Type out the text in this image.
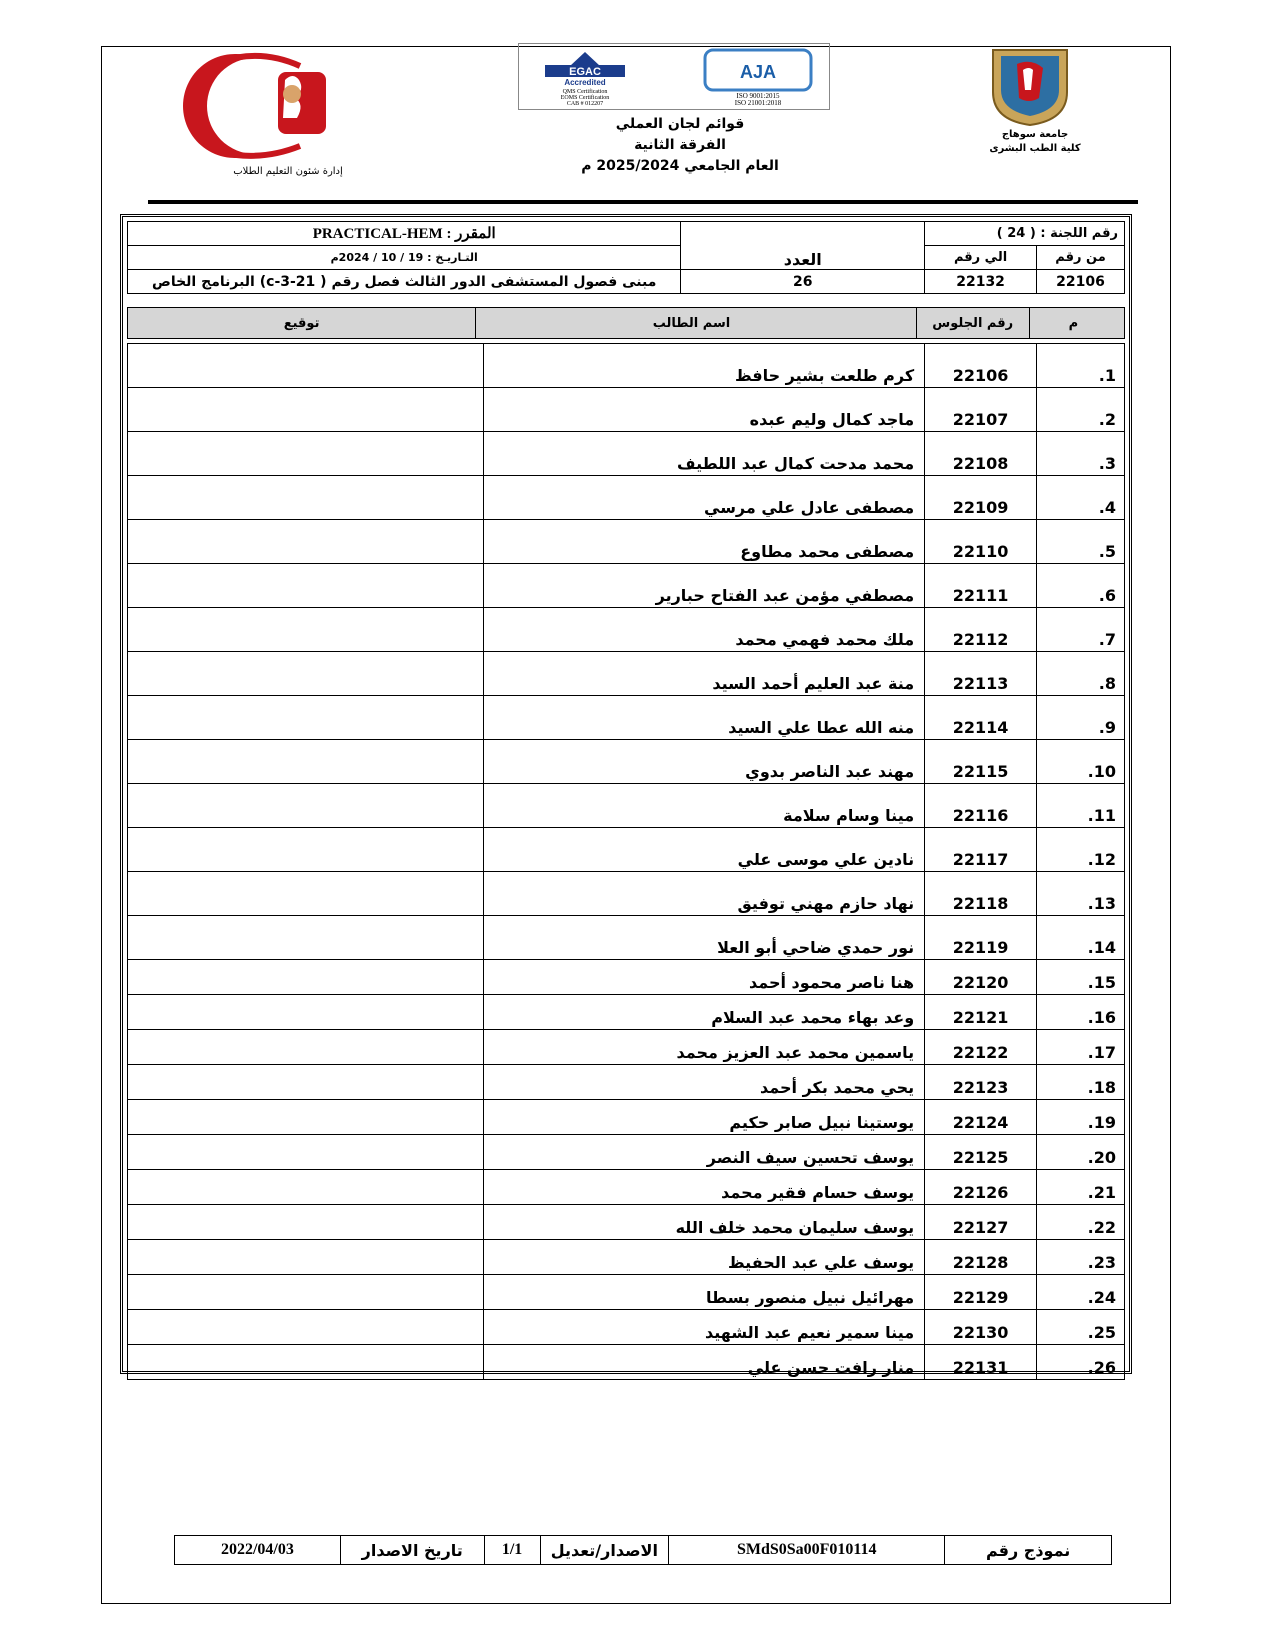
إدارة شئون التعليم الطلاب
EGAC
Accredited
QMS Certification
EOMS Certification
CAB # 012207
AJA
ISO 9001:2015
ISO 21001:2018
قوائم لجان العملي
الفرقة الثانية
العام الجامعي 2025/2024 م
جامعة سوهاج
كلية الطب البشرى
رقم اللجنة : ( 24 )		العدد	المقرر : PRACTICAL-HEM
من رقم	الي رقم		التـاريـخ : 19 / 10 / 2024م
22106	22132	26	مبنى فصول المستشفى الدور الثالث فصل رقم ( c-3-21) البرنامج الخاص
م	رقم الجلوس	اسم الطالب	توقيع
1.	22106	كرم طلعت بشير حافظ	
2.	22107	ماجد كمال وليم عبده	
3.	22108	محمد مدحت كمال عبد اللطيف	
4.	22109	مصطفى عادل علي مرسي	
5.	22110	مصطفى محمد مطاوع	
6.	22111	مصطفي مؤمن عبد الفتاح حبارير	
7.	22112	ملك محمد فهمي محمد	
8.	22113	منة عبد العليم أحمد السيد	
9.	22114	منه الله عطا علي السيد	
10.	22115	مهند عبد الناصر بدوي	
11.	22116	مينا وسام سلامة	
12.	22117	نادين علي موسى علي	
13.	22118	نهاد حازم مهني توفيق	
14.	22119	نور حمدي ضاحي أبو العلا	
15.	22120	هنا ناصر محمود أحمد	
16.	22121	وعد بهاء محمد عبد السلام	
17.	22122	ياسمين محمد عبد العزيز محمد	
18.	22123	يحي محمد بكر أحمد	
19.	22124	يوستينا نبيل صابر حكيم	
20.	22125	يوسف تحسين سيف النصر	
21.	22126	يوسف حسام فقير محمد	
22.	22127	يوسف سليمان محمد خلف الله	
23.	22128	يوسف علي عبد الحفيظ	
24.	22129	مهرائيل نبيل منصور بسطا	
25.	22130	مينا سمير نعيم عبد الشهيد	
26.	22131	منار رافت حسن علي	
نموذج رقم	SMdS0Sa00F010114	الاصدار/تعديل	1/1	تاريخ الاصدار	2022/04/03
